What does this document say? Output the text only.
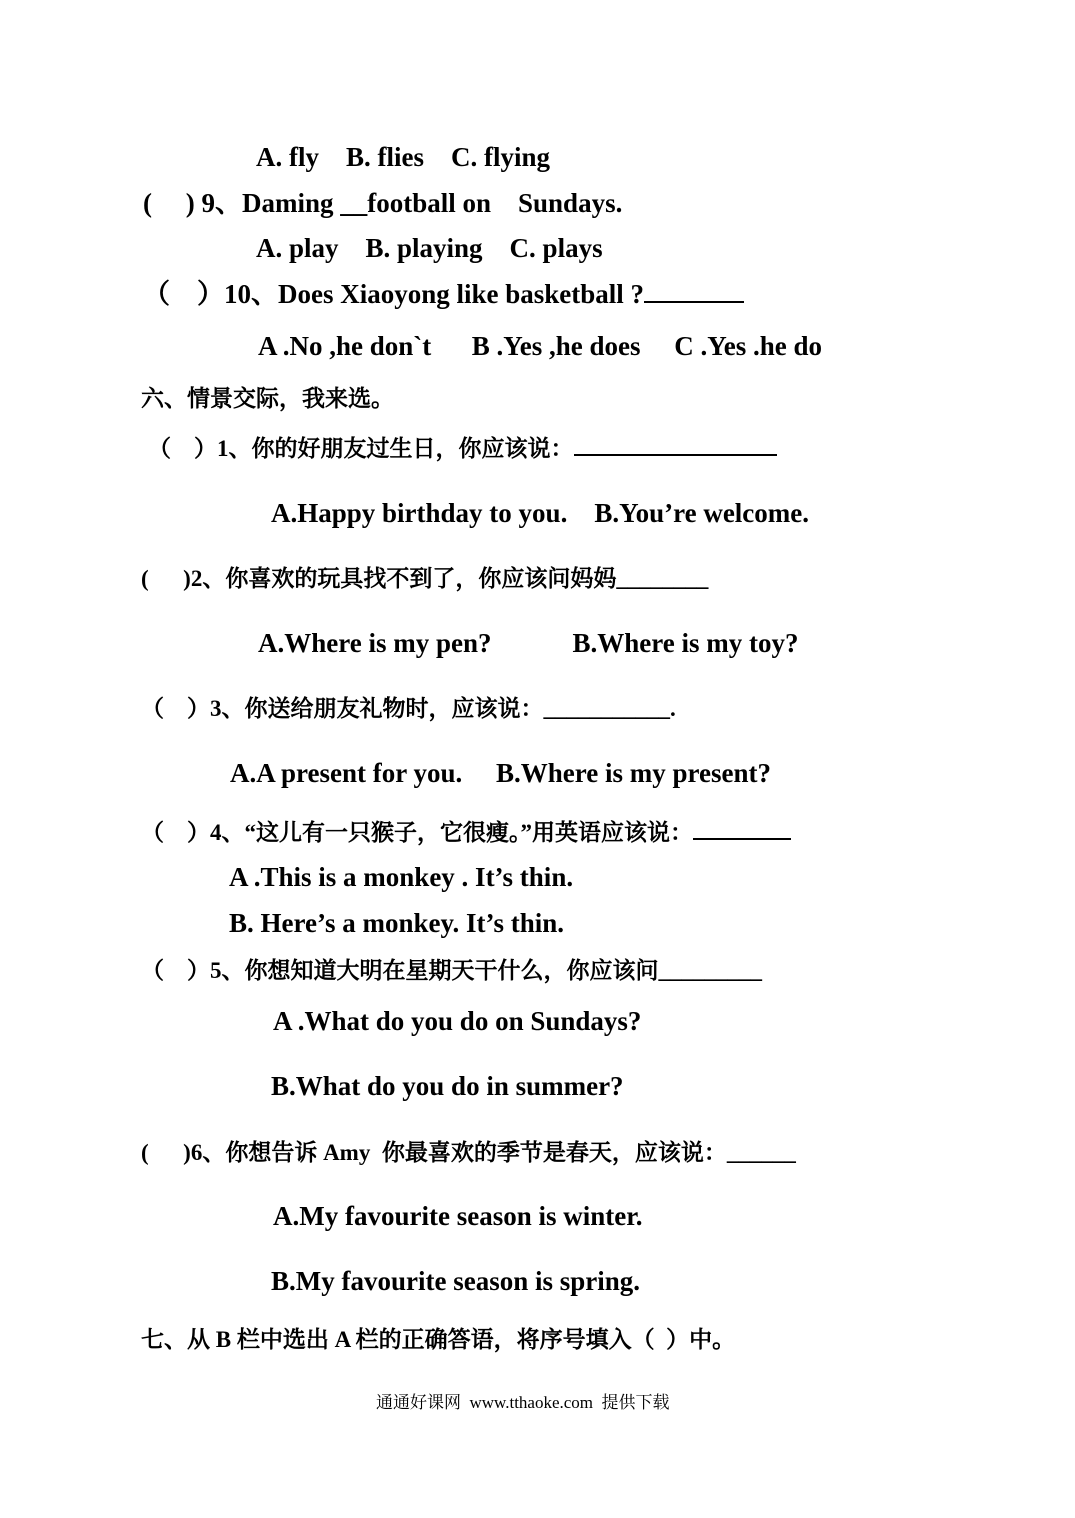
A. fly    B. flies    C. flying
(     ) 9、Daming __football on    Sundays.
A. play    B. playing    C. plays
（    ）10、Does Xiaoyong like basketball ?
A .No ,he don`t      B .Yes ,he does     C .Yes .he do
六、情景交际，我来选。
（    ）1、你的好朋友过生日，你应该说：
A.Happy birthday to you.    B.You’re welcome.
(      )2、你喜欢的玩具找不到了，你应该问妈妈________
A.Where is my pen?            B.Where is my toy?
（    ）3、你送给朋友礼物时，应该说：___________.
A.A present for you.     B.Where is my present?
（    ）4、“这儿有一只猴子，它很瘦。”用英语应该说：
A .This is a monkey . It’s thin.
B. Here’s a monkey. It’s thin.
（    ）5、你想知道大明在星期天干什么，你应该问_________
A .What do you do on Sundays?
B.What do you do in summer?
(      )6、你想告诉 Amy  你最喜欢的季节是春天，应该说：______
A.My favourite season is winter.
B.My favourite season is spring.
七、从 B 栏中选出 A 栏的正确答语，将序号填入（  ）中。
通通好课网  www.tthaoke.com  提供下载
